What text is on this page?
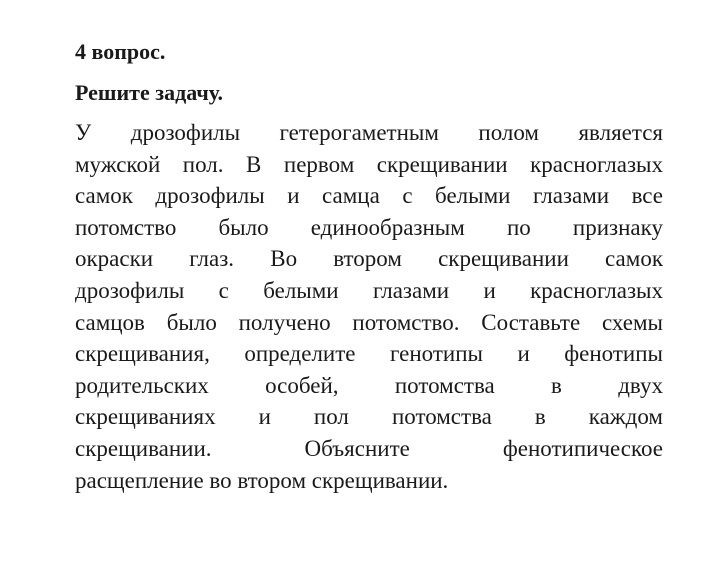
4 вопрос.
Решите задачу.
У дрозофилы гетерогаметным полом является
мужской пол. В первом скрещивании красноглазых
самок дрозофилы и самца с белыми глазами все
потомство было единообразным по признаку
окраски глаз. Во втором скрещивании самок
дрозофилы с белыми глазами и красноглазых
самцов было получено потомство. Составьте схемы
скрещивания, определите генотипы и фенотипы
родительских особей, потомства в двух
скрещиваниях и пол потомства в каждом
скрещивании. Объясните фенотипическое
расщепление во втором скрещивании.
